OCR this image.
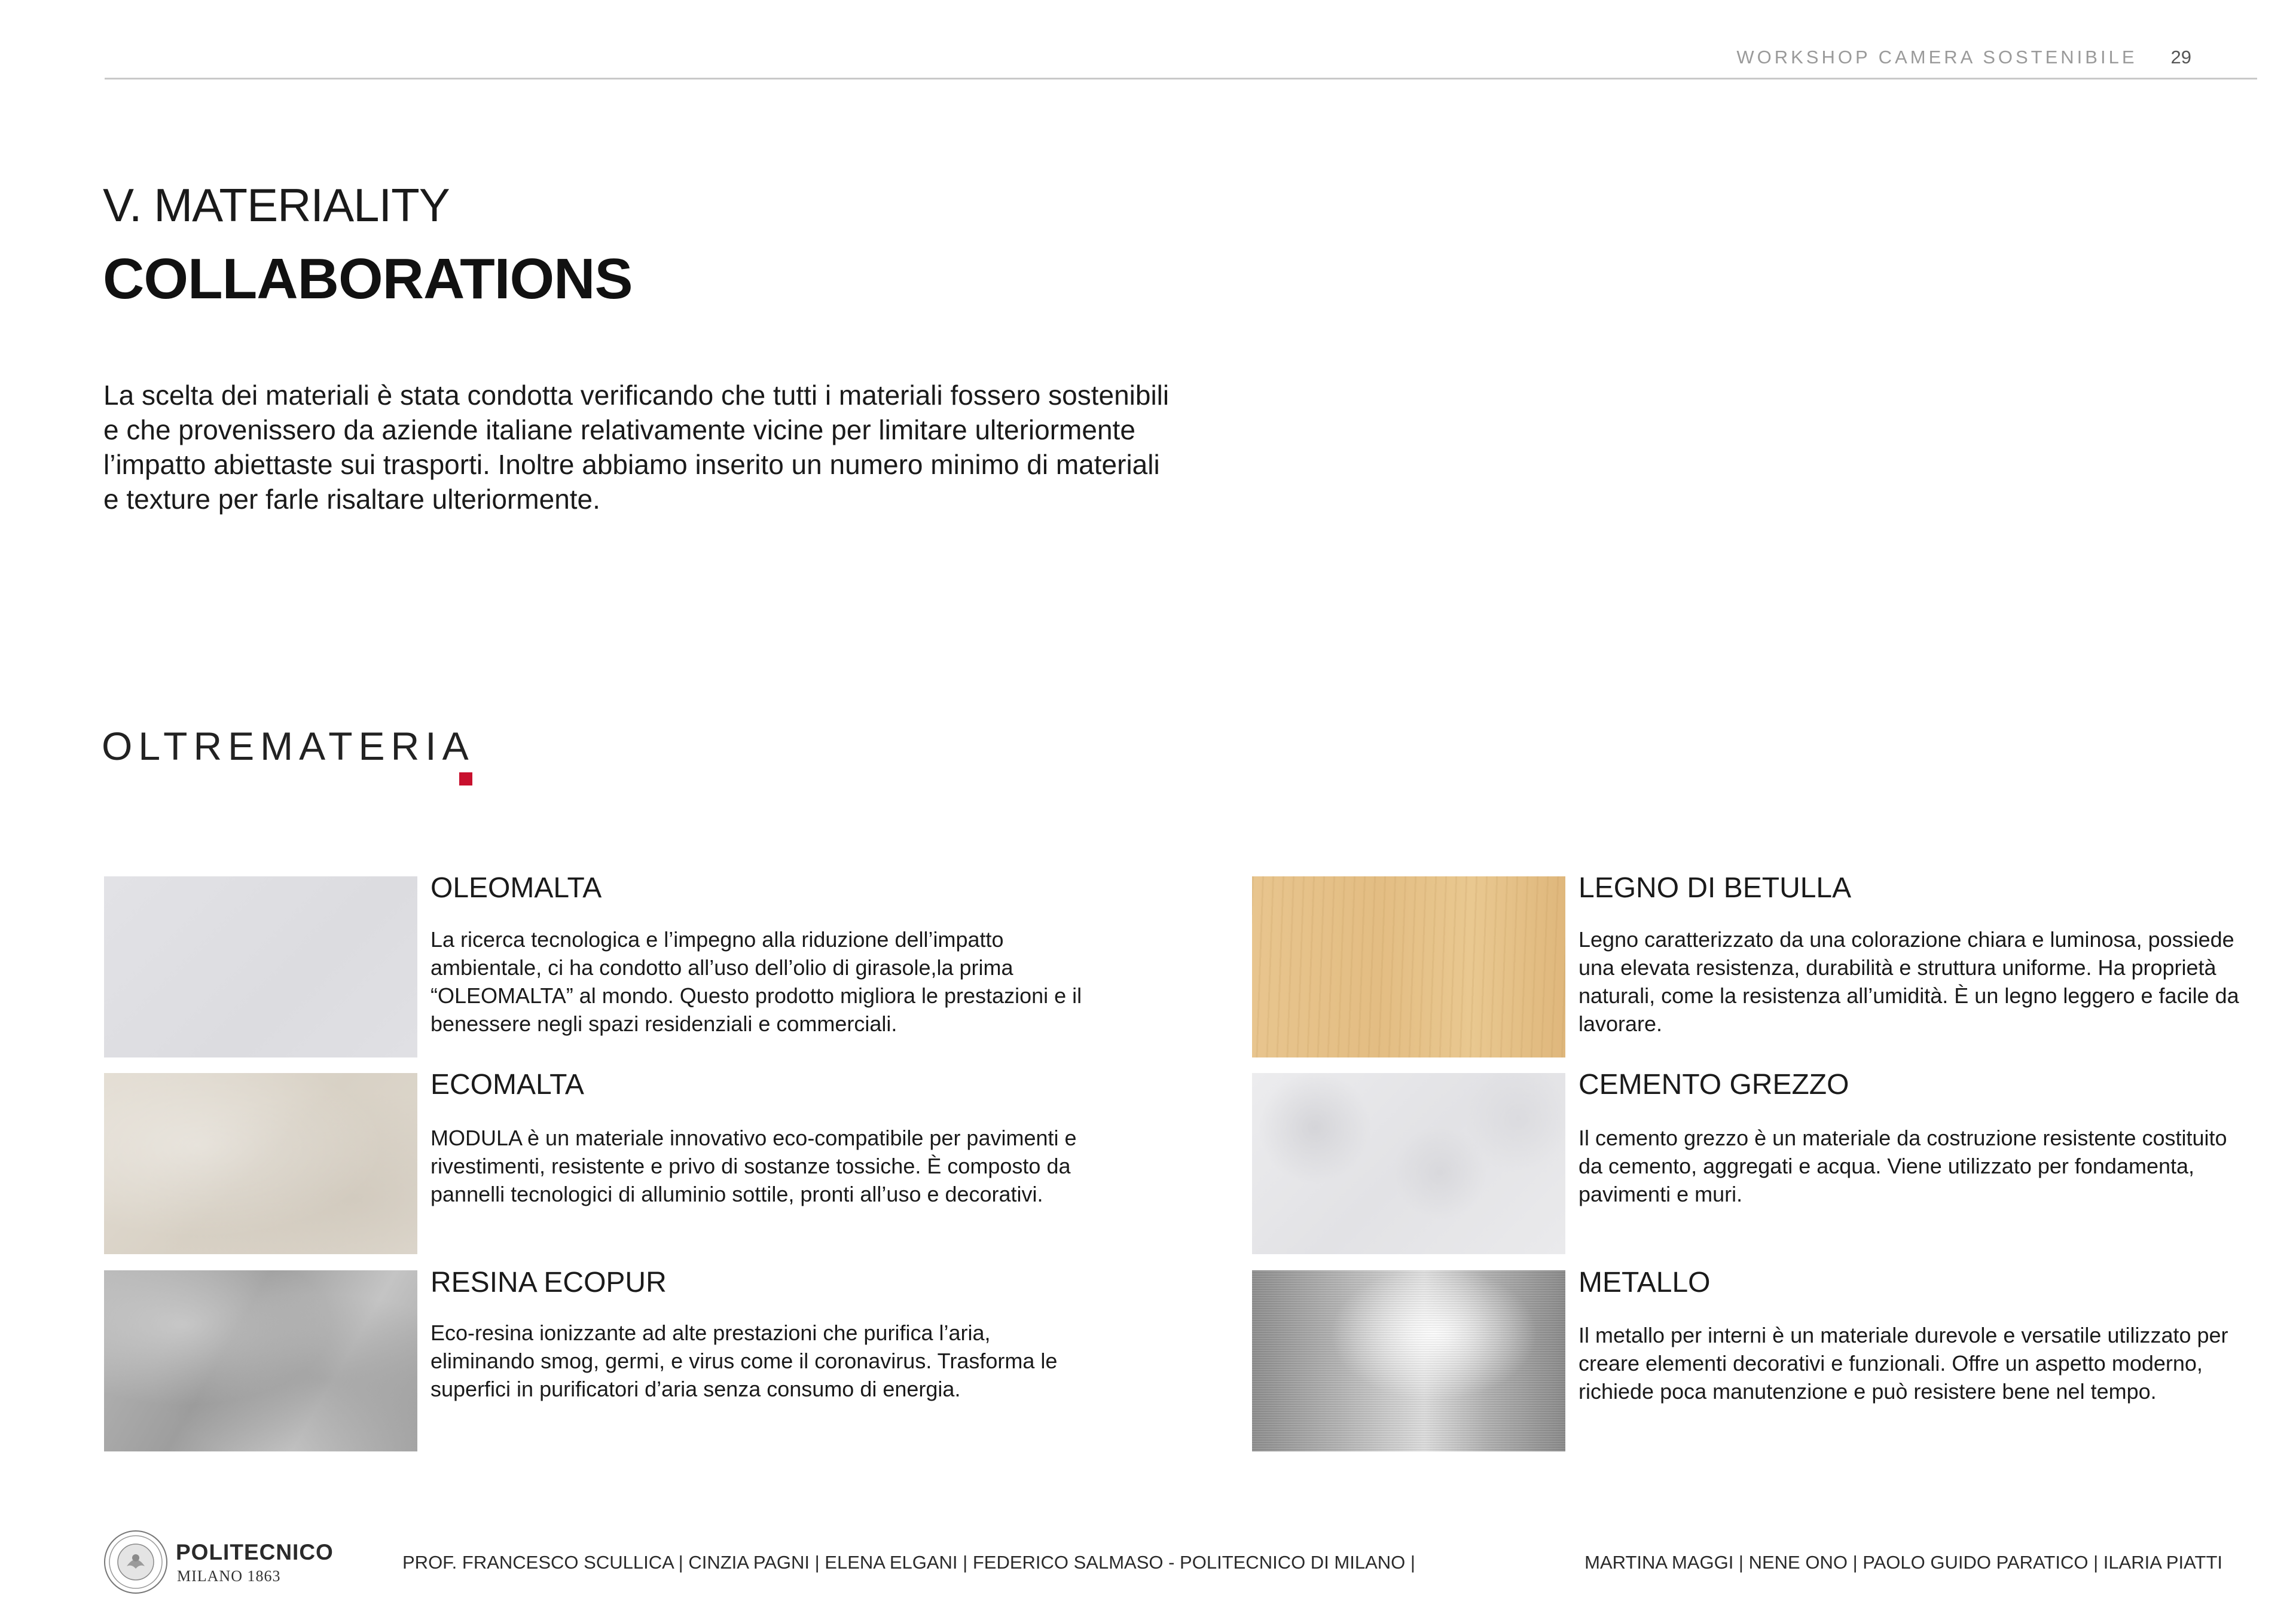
WORKSHOP CAMERA SOSTENIBILE 29
V. MATERIALITY
COLLABORATIONS
La scelta dei materiali è stata condotta verificando che tutti i materiali fossero sostenibili e che provenissero da aziende italiane relativamente vicine per limitare ulteriormente l’impatto abiettaste sui trasporti. Inoltre abbiamo inserito un numero minimo di materiali e texture per farle risaltare ulteriormente.
OLTREMATERIA
OLEOMALTA
La ricerca tecnologica e l’impegno alla riduzione dell’impatto ambientale, ci ha condotto all’uso dell’olio di girasole,la prima “OLEOMALTA” al mondo. Questo prodotto migliora le prestazioni e il benessere negli spazi residenziali e commerciali.
ECOMALTA
MODULA è un materiale innovativo eco-compatibile per pavimenti e rivestimenti, resistente e privo di sostanze tossiche. È composto da pannelli tecnologici di alluminio sottile, pronti all’uso e decorativi.
RESINA ECOPUR
Eco-resina ionizzante ad alte prestazioni che purifica l’aria, eliminando smog, germi, e virus come il coronavirus. Trasforma le superfici in purificatori d’aria senza consumo di energia.
LEGNO DI BETULLA
Legno caratterizzato da una colorazione chiara e luminosa, possiede una elevata resistenza, durabilità e struttura uniforme. Ha proprietà naturali, come la resistenza all’umidità. È un legno leggero e facile da lavorare.
CEMENTO GREZZO
Il cemento grezzo è un materiale da costruzione resistente costituito da cemento, aggregati e acqua. Viene utilizzato per fondamenta, pavimenti e muri.
METALLO
Il metallo per interni è un materiale durevole e versatile utilizzato per creare elementi decorativi e funzionali. Offre un aspetto moderno, richiede poca manutenzione e può resistere bene nel tempo.
POLITECNICO
MILANO 1863
PROF. FRANCESCO SCULLICA | CINZIA PAGNI | ELENA ELGANI | FEDERICO SALMASO - POLITECNICO DI MILANO |	MARTINA MAGGI | NENE ONO | PAOLO GUIDO PARATICO | ILARIA PIATTI
